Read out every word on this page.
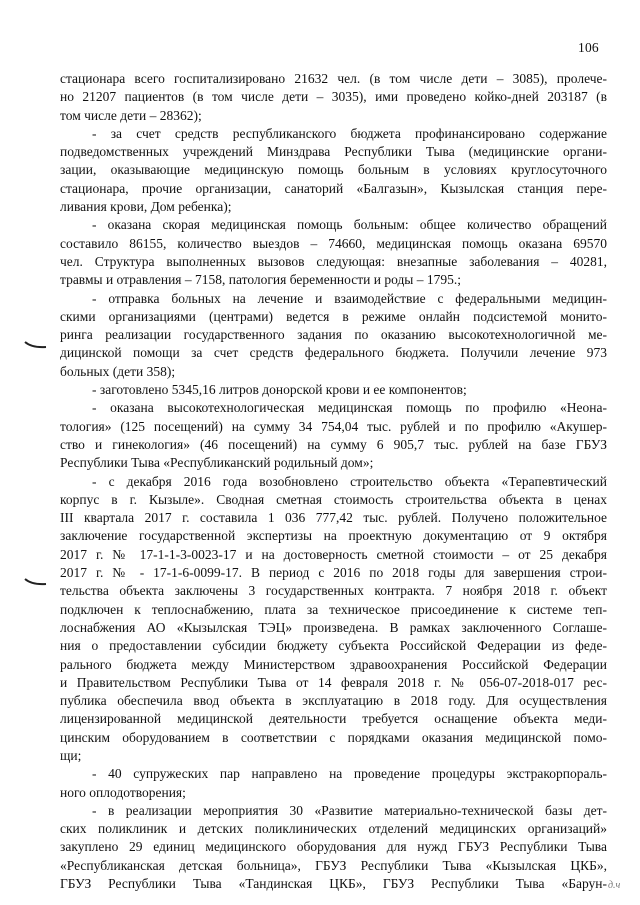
106
стационара всего госпитализировано 21632 чел. (в том числе дети – 3085), пролече-
но 21207 пациентов (в том числе дети – 3035), ими проведено койко-дней 203187 (в
том числе дети – 28362);
- за счет средств республиканского бюджета профинансировано содержание
подведомственных учреждений Минздрава Республики Тыва (медицинские органи-
зации, оказывающие медицинскую помощь больным в условиях круглосуточного
стационара, прочие организации, санаторий «Балгазын», Кызылская станция пере-
ливания крови, Дом ребенка);
- оказана скорая медицинская помощь больным: общее количество обращений
составило 86155, количество выездов – 74660, медицинская помощь оказана 69570
чел. Структура выполненных вызовов следующая: внезапные заболевания – 40281,
травмы и отравления – 7158, патология беременности и роды – 1795.;
- отправка больных на лечение и взаимодействие с федеральными медицин-
скими организациями (центрами) ведется в режиме онлайн подсистемой монито-
ринга реализации государственного задания по оказанию высокотехнологичной ме-
дицинской помощи за счет средств федерального бюджета. Получили лечение 973
больных (дети 358);
- заготовлено 5345,16 литров донорской крови и ее компонентов;
- оказана высокотехнологическая медицинская помощь по профилю «Неона-
тология» (125 посещений) на сумму 34 754,04 тыс. рублей и по профилю «Акушер-
ство и гинекология» (46 посещений) на сумму 6 905,7 тыс. рублей на базе ГБУЗ
Республики Тыва «Республиканский родильный дом»;
- с декабря 2016 года возобновлено строительство объекта «Терапевтический
корпус в г. Кызыле». Сводная сметная стоимость строительства объекта в ценах
III квартала 2017 г. составила 1 036 777,42 тыс. рублей. Получено положительное
заключение государственной экспертизы на проектную документацию от 9 октября
2017 г. № 17-1-1-3-0023-17 и на достоверность сметной стоимости – от 25 декабря
2017 г. № - 17-1-6-0099-17. В период с 2016 по 2018 годы для завершения строи-
тельства объекта заключены 3 государственных контракта. 7 ноября 2018 г. объект
подключен к теплоснабжению, плата за техническое присоединение к системе теп-
лоснабжения АО «Кызылская ТЭЦ» произведена. В рамках заключенного Соглаше-
ния о предоставлении субсидии бюджету субъекта Российской Федерации из феде-
рального бюджета между Министерством здравоохранения Российской Федерации
и Правительством Республики Тыва от 14 февраля 2018 г. № 056-07-2018-017 рес-
публика обеспечила ввод объекта в эксплуатацию в 2018 году. Для осуществления
лицензированной медицинской деятельности требуется оснащение объекта меди-
цинским оборудованием в соответствии с порядками оказания медицинской помо-
щи;
- 40 супружеских пар направлено на проведение процедуры экстракорпораль-
ного оплодотворения;
- в реализации мероприятия 30 «Развитие материально-технической базы дет-
ских поликлиник и детских поликлинических отделений медицинских организаций»
закуплено 29 единиц медицинского оборудования для нужд ГБУЗ Республики Тыва
«Республиканская детская больница», ГБУЗ Республики Тыва «Кызылская ЦКБ»,
ГБУЗ Республики Тыва «Тандинская ЦКБ», ГБУЗ Республики Тыва «Барун- д.ч
